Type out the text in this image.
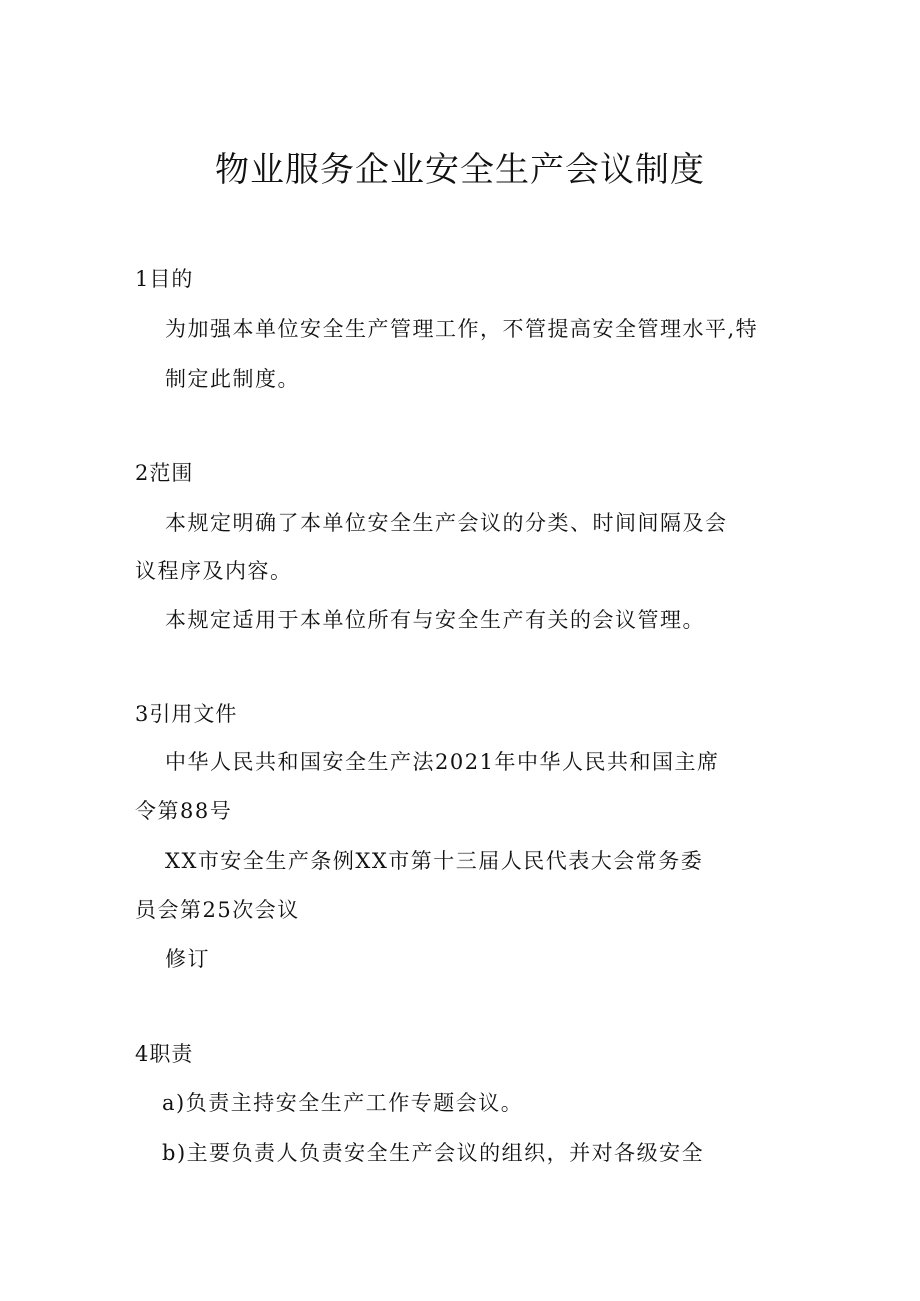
物业服务企业安全生产会议制度

1目的

为加强本单位安全生产管理工作，不管提高安全管理水平,特

制定此制度。

2范围

本规定明确了本单位安全生产会议的分类、时间间隔及会

议程序及内容。

本规定适用于本单位所有与安全生产有关的会议管理。

3引用文件

中华人民共和国安全生产法2021年中华人民共和国主席

令第88号

XX市安全生产条例XX市第十三届人民代表大会常务委

员会第25次会议

修订

4职责

a)负责主持安全生产工作专题会议。

b)主要负责人负责安全生产会议的组织，并对各级安全
